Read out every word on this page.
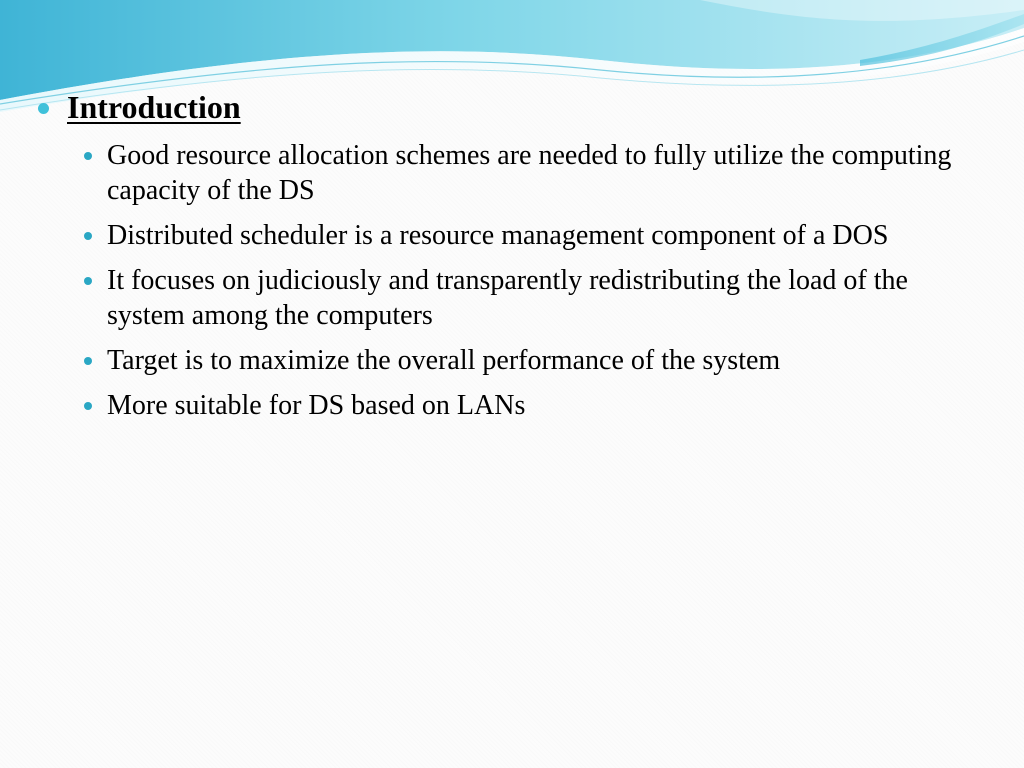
Introduction
Good resource allocation schemes are needed to fully utilize the computing capacity of the DS
Distributed scheduler is a resource management component of a DOS
It focuses on judiciously and transparently redistributing the load of the system among the computers
Target is to maximize the overall performance of the system
More suitable for DS based on LANs
